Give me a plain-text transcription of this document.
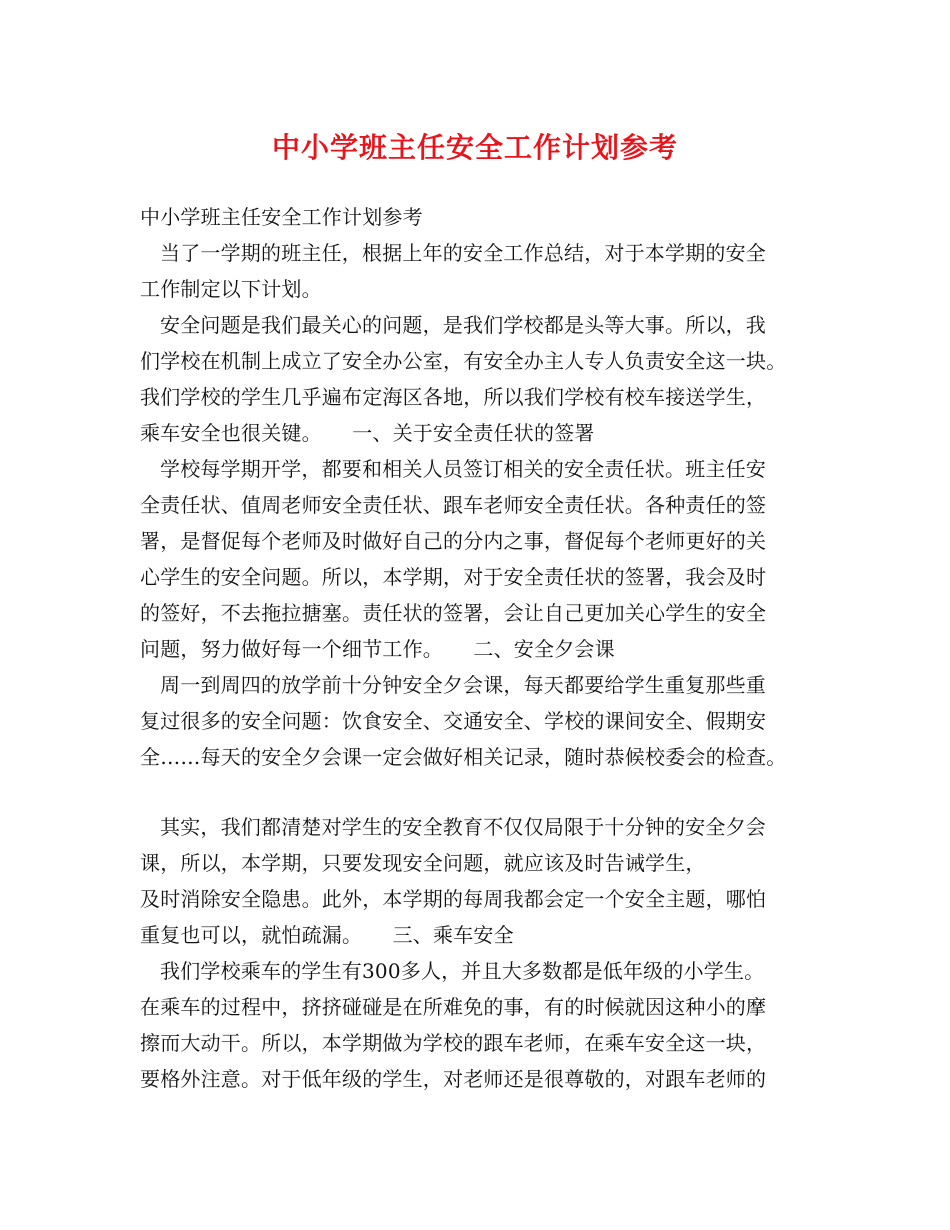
中小学班主任安全工作计划参考
中小学班主任安全工作计划参考
当了一学期的班主任，根据上年的安全工作总结，对于本学期的安全
工作制定以下计划。
安全问题是我们最关心的问题，是我们学校都是头等大事。所以，我
们学校在机制上成立了安全办公室，有安全办主人专人负责安全这一块。
我们学校的学生几乎遍布定海区各地，所以我们学校有校车接送学生，
乘车安全也很关键。　　一、关于安全责任状的签署
学校每学期开学，都要和相关人员签订相关的安全责任状。班主任安
全责任状、值周老师安全责任状、跟车老师安全责任状。各种责任的签
署，是督促每个老师及时做好自己的分内之事，督促每个老师更好的关
心学生的安全问题。所以，本学期，对于安全责任状的签署，我会及时
的签好，不去拖拉搪塞。责任状的签署，会让自己更加关心学生的安全
问题，努力做好每一个细节工作。　　二、安全夕会课
周一到周四的放学前十分钟安全夕会课，每天都要给学生重复那些重
复过很多的安全问题：饮食安全、交通安全、学校的课间安全、假期安
全……每天的安全夕会课一定会做好相关记录，随时恭候校委会的检查。
其实，我们都清楚对学生的安全教育不仅仅局限于十分钟的安全夕会
课，所以，本学期，只要发现安全问题，就应该及时告诫学生，
及时消除安全隐患。此外，本学期的每周我都会定一个安全主题，哪怕
重复也可以，就怕疏漏。　　三、乘车安全
我们学校乘车的学生有300多人，并且大多数都是低年级的小学生。
在乘车的过程中，挤挤碰碰是在所难免的事，有的时候就因这种小的摩
擦而大动干。所以，本学期做为学校的跟车老师，在乘车安全这一块，
要格外注意。对于低年级的学生，对老师还是很尊敬的，对跟车老师的
